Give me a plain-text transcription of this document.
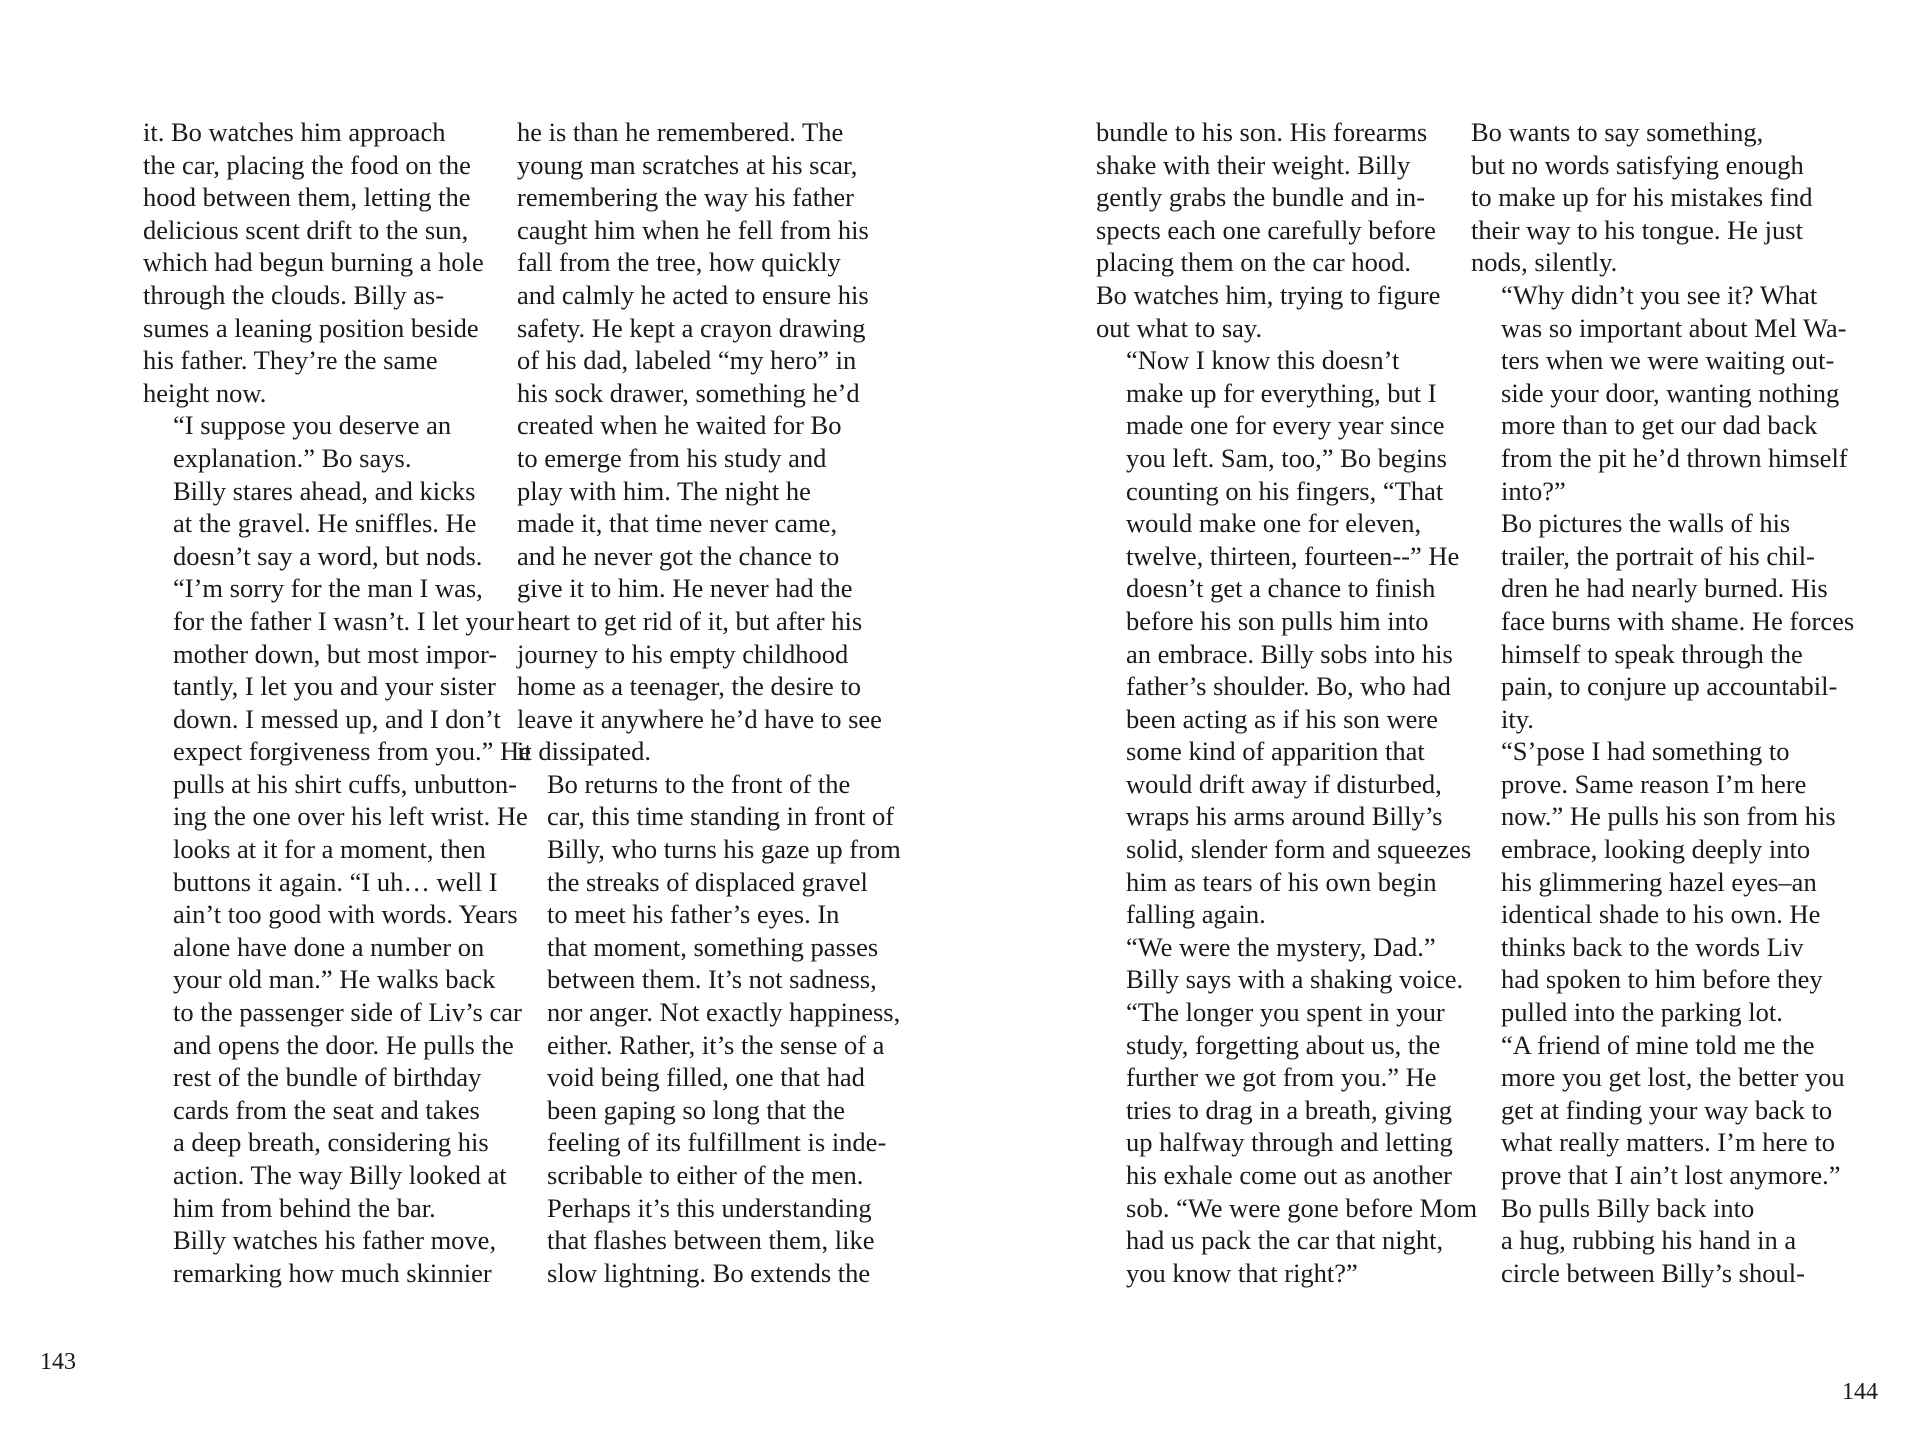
it. Bo watches him approach
the car, placing the food on the
hood between them, letting the
delicious scent drift to the sun,
which had begun burning a hole
through the clouds. Billy as-
sumes a leaning position beside
his father. They’re the same
height now.

“I suppose you deserve an
explanation.” Bo says.

Billy stares ahead, and kicks
at the gravel. He sniffles. He
doesn’t say a word, but nods.

“I’m sorry for the man I was,
for the father I wasn’t. I let your
mother down, but most impor-
tantly, I let you and your sister
down. I messed up, and I don’t
expect forgiveness from you.” He
pulls at his shirt cuffs, unbutton-
ing the one over his left wrist. He
looks at it for a moment, then
buttons it again. “I uh… well I
ain’t too good with words. Years
alone have done a number on
your old man.” He walks back
to the passenger side of Liv’s car
and opens the door. He pulls the
rest of the bundle of birthday
cards from the seat and takes
a deep breath, considering his
action. The way Billy looked at
him from behind the bar.

Billy watches his father move,
remarking how much skinnier

he is than he remembered. The
young man scratches at his scar,
remembering the way his father
caught him when he fell from his
fall from the tree, how quickly
and calmly he acted to ensure his
safety. He kept a crayon drawing
of his dad, labeled “my hero” in
his sock drawer, something he’d
created when he waited for Bo
to emerge from his study and
play with him. The night he
made it, that time never came,
and he never got the chance to
give it to him. He never had the
heart to get rid of it, but after his
journey to his empty childhood
home as a teenager, the desire to
leave it anywhere he’d have to see
it dissipated.

Bo returns to the front of the
car, this time standing in front of
Billy, who turns his gaze up from
the streaks of displaced gravel
to meet his father’s eyes. In
that moment, something passes
between them. It’s not sadness,
nor anger. Not exactly happiness,
either. Rather, it’s the sense of a
void being filled, one that had
been gaping so long that the
feeling of its fulfillment is inde-
scribable to either of the men.
Perhaps it’s this understanding
that flashes between them, like
slow lightning. Bo extends the

143

bundle to his son. His forearms
shake with their weight. Billy
gently grabs the bundle and in-
spects each one carefully before
placing them on the car hood.
Bo watches him, trying to figure
out what to say.

“Now I know this doesn’t
make up for everything, but I
made one for every year since
you left. Sam, too,” Bo begins
counting on his fingers, “That
would make one for eleven,
twelve, thirteen, fourteen--” He
doesn’t get a chance to finish
before his son pulls him into
an embrace. Billy sobs into his
father’s shoulder. Bo, who had
been acting as if his son were
some kind of apparition that
would drift away if disturbed,
wraps his arms around Billy’s
solid, slender form and squeezes
him as tears of his own begin
falling again.

“We were the mystery, Dad.”
Billy says with a shaking voice.
“The longer you spent in your
study, forgetting about us, the
further we got from you.” He
tries to drag in a breath, giving
up halfway through and letting
his exhale come out as another
sob. “We were gone before Mom
had us pack the car that night,
you know that right?”

Bo wants to say something,
but no words satisfying enough
to make up for his mistakes find
their way to his tongue. He just
nods, silently.

“Why didn’t you see it? What
was so important about Mel Wa-
ters when we were waiting out-
side your door, wanting nothing
more than to get our dad back
from the pit he’d thrown himself
into?”

Bo pictures the walls of his
trailer, the portrait of his chil-
dren he had nearly burned. His
face burns with shame. He forces
himself to speak through the
pain, to conjure up accountabil-
ity.

“S’pose I had something to
prove. Same reason I’m here
now.” He pulls his son from his
embrace, looking deeply into
his glimmering hazel eyes–an
identical shade to his own. He
thinks back to the words Liv
had spoken to him before they
pulled into the parking lot.

“A friend of mine told me the
more you get lost, the better you
get at finding your way back to
what really matters. I’m here to
prove that I ain’t lost anymore.”

Bo pulls Billy back into
a hug, rubbing his hand in a
circle between Billy’s shoul-

144
